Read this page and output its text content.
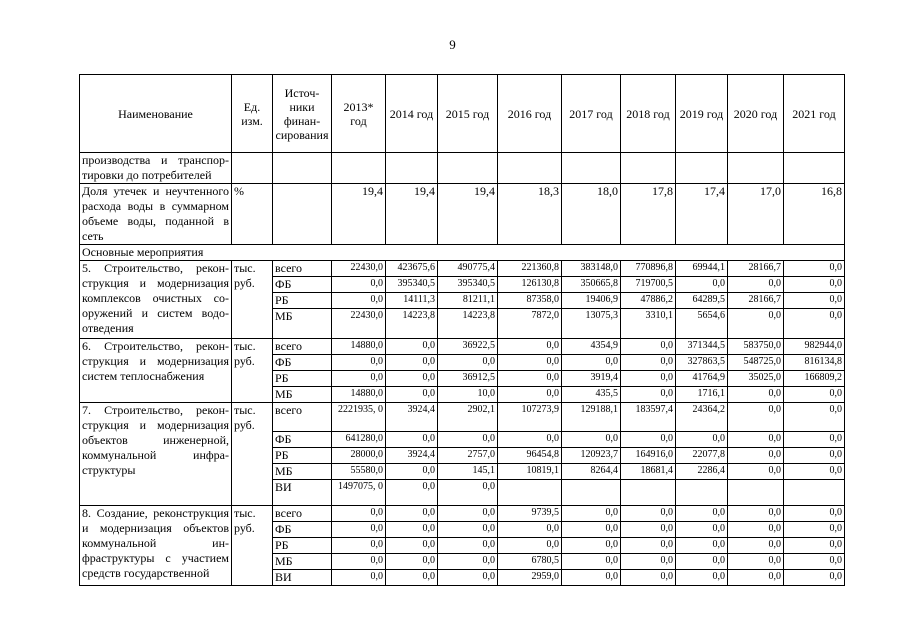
9
Наименование	Ед. изм.	Источники финансирования	2013* год	2014 год	2015 год	2016 год	2017 год	2018 год	2019 год	2020 год	2021 год
производства и транспортировки до потребителей											
Доля утечек и неучтенного расхода воды в суммарном объеме воды, поданной в сеть	%		19,4	19,4	19,4	18,3	18,0	17,8	17,4	17,0	16,8
Основные мероприятия											
5. Строительство, реконструкция и модернизация комплексов очистных сооружений и систем водоотведения	тыс. руб.	всего	22430,0	423675,6	490775,4	221360,8	383148,0	770896,8	69944,1	28166,7	0,0
		ФБ	0,0	395340,5	395340,5	126130,8	350665,8	719700,5	0,0	0,0	0,0
		РБ	0,0	14111,3	81211,1	87358,0	19406,9	47886,2	64289,5	28166,7	0,0
		МБ	22430,0	14223,8	14223,8	7872,0	13075,3	3310,1	5654,6	0,0	0,0
6. Строительство, реконструкция и модернизация систем теплоснабжения	тыс. руб.	всего	14880,0	0,0	36922,5	0,0	4354,9	0,0	371344,5	583750,0	982944,0
		ФБ	0,0	0,0	0,0	0,0	0,0	0,0	327863,5	548725,0	816134,8
		РБ	0,0	0,0	36912,5	0,0	3919,4	0,0	41764,9	35025,0	166809,2
		МБ	14880,0	0,0	10,0	0,0	435,5	0,0	1716,1	0,0	0,0
7. Строительство, реконструкция и модернизация объектов инженерной, коммунальной инфраструктуры	тыс. руб.	всего	2221935, 0	3924,4	2902,1	107273,9	129188,1	183597,4	24364,2	0,0	0,0
		ФБ	641280,0	0,0	0,0	0,0	0,0	0,0	0,0	0,0	0,0
		РБ	28000,0	3924,4	2757,0	96454,8	120923,7	164916,0	22077,8	0,0	0,0
		МБ	55580,0	0,0	145,1	10819,1	8264,4	18681,4	2286,4	0,0	0,0
		ВИ	1497075, 0	0,0	0,0						
8. Создание, реконструкция и модернизация объектов коммунальной инфраструктуры с участием средств государственной	тыс. руб.	всего	0,0	0,0	0,0	9739,5	0,0	0,0	0,0	0,0	0,0
		ФБ	0,0	0,0	0,0	0,0	0,0	0,0	0,0	0,0	0,0
		РБ	0,0	0,0	0,0	0,0	0,0	0,0	0,0	0,0	0,0
		МБ	0,0	0,0	0,0	6780,5	0,0	0,0	0,0	0,0	0,0
		ВИ	0,0	0,0	0,0	2959,0	0,0	0,0	0,0	0,0	0,0
